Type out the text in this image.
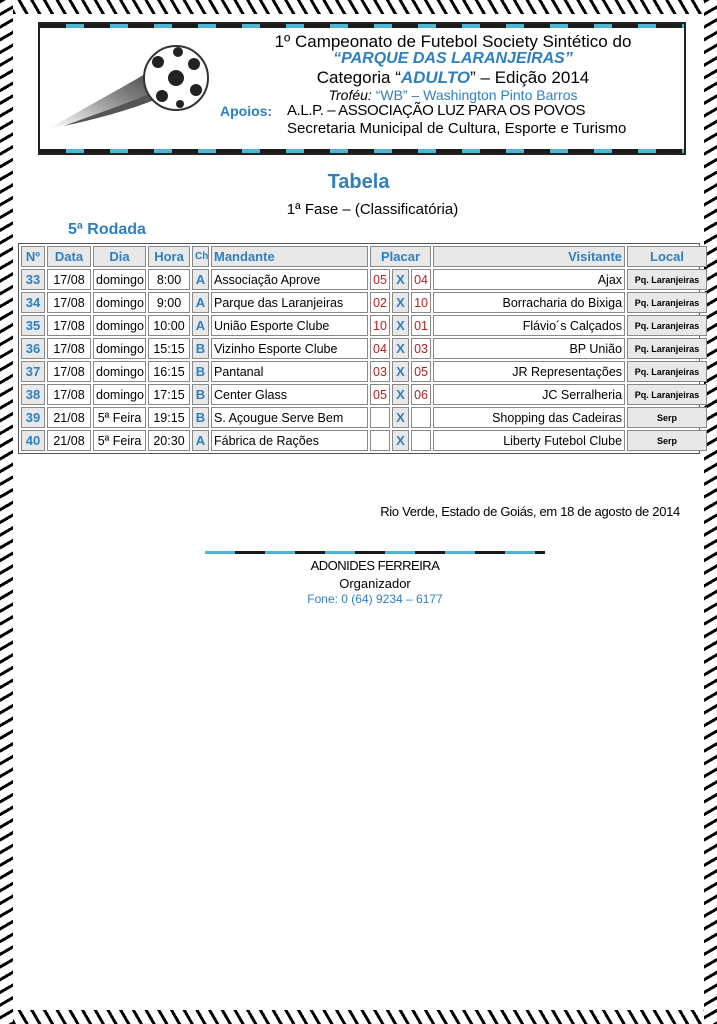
1º Campeonato de Futebol Society Sintético do
“PARQUE DAS LARANJEIRAS”
Categoria “ADULTO” – Edição 2014
Troféu: “WB” – Washington Pinto Barros
Apoios: A.L.P. – ASSOCIAÇÃO LUZ PARA OS POVOS
Secretaria Municipal de Cultura, Esporte e Turismo
Tabela
1ª Fase – (Classificatória)
5ª Rodada
Nº	Data	Dia	Hora	Ch	Mandante	Placar			Visitante	Local
33	17/08	domingo	8:00	A	Associação Aprove	05	X	04	Ajax	Pq. Laranjeiras
34	17/08	domingo	9:00	A	Parque das Laranjeiras	02	X	10	Borracharia do Bixiga	Pq. Laranjeiras
35	17/08	domingo	10:00	A	União Esporte Clube	10	X	01	Flávio´s Calçados	Pq. Laranjeiras
36	17/08	domingo	15:15	B	Vizinho Esporte Clube	04	X	03	BP União	Pq. Laranjeiras
37	17/08	domingo	16:15	B	Pantanal	03	X	05	JR Representações	Pq. Laranjeiras
38	17/08	domingo	17:15	B	Center Glass	05	X	06	JC Serralheria	Pq. Laranjeiras
39	21/08	5ª Feira	19:15	B	S. Açougue Serve Bem		X		Shopping das Cadeiras	Serp
40	21/08	5ª Feira	20:30	A	Fábrica de Rações		X		Liberty Futebol Clube	Serp
Rio Verde, Estado de Goiás, em 18 de agosto de 2014
ADONIDES FERREIRA
Organizador
Fone: 0 (64) 9234 – 6177
